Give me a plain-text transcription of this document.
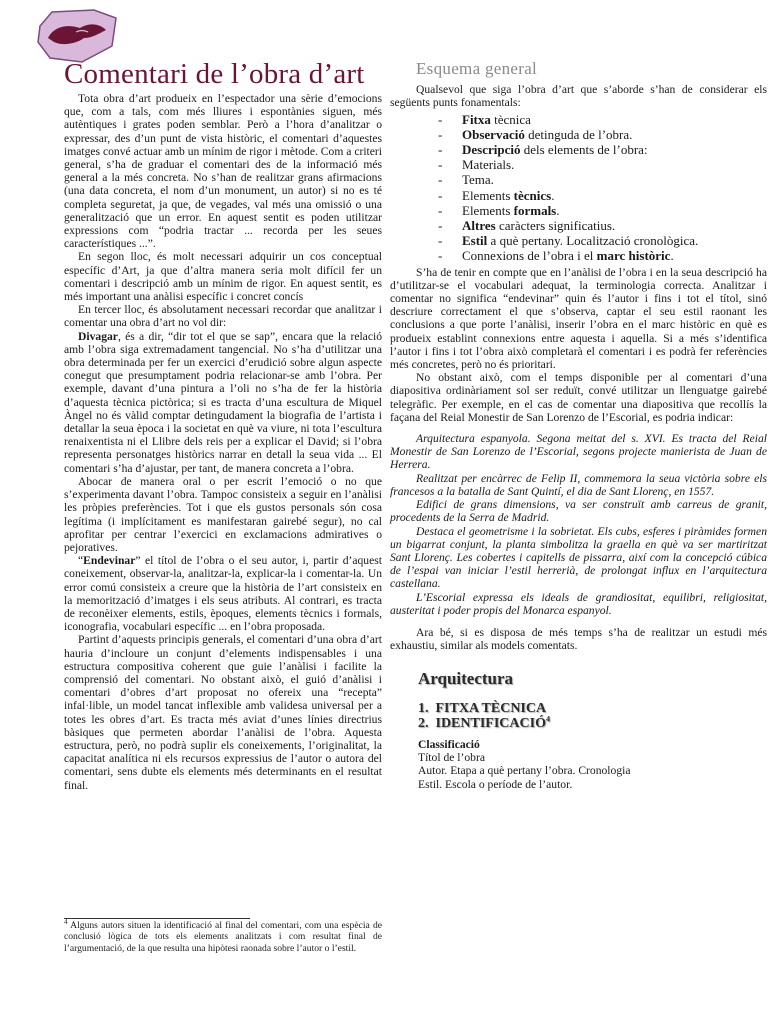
Comentari de l’obra d’art

Tota obra d’art produeix en l’espectador una sèrie d’emocions que, com a tals, com més lliures i espontànies siguen, més autèntiques i grates poden semblar. Però a l’hora d’analitzar o expressar, des d’un punt de vista històric, el comentari d’aquestes imatges convé actuar amb un mínim de rigor i mètode. Com a criteri general, s’ha de graduar el comentari des de la informació més general a la més concreta. No s’han de realitzar grans afirmacions (una data concreta, el nom d’un monument, un autor) si no es té completa seguretat, ja que, de vegades, val més una omissió o una generalització que un error. En aquest sentit es poden utilitzar expressions com “podria tractar ... recorda per les seues característiques ...”.

En segon lloc, és molt necessari adquirir un cos conceptual específic d’Art, ja que d’altra manera seria molt difícil fer un comentari i descripció amb un mínim de rigor. En aquest sentit, es més important una anàlisi específic i concret concís

En tercer lloc, és absolutament necessari recordar que analitzar i comentar una obra d’art no vol dir:

Divagar, és a dir, “dir tot el que se sap”, encara que la relació amb l’obra siga extremadament tangencial. No s’ha d’utilitzar una obra determinada per fer un exercici d’erudició sobre algun aspecte conegut que presumptament podria relacionar-se amb l’obra. Per exemple, davant d’una pintura a l’oli no s’ha de fer la història d’aquesta tècnica pictòrica; si es tracta d’una escultura de Miquel Àngel no és vàlid comptar detingudament la biografia de l’artista i detallar la seua època i la societat en què va viure, ni tota l’escultura renaixentista ni el Llibre dels reis per a explicar el David; si l’obra representa personatges històrics narrar en detall la seua vida ... El comentari s’ha d’ajustar, per tant, de manera concreta a l’obra.

Abocar de manera oral o per escrit l’emoció o no que s’experimenta davant l’obra. Tampoc consisteix a seguir en l’anàlisi les pròpies preferències. Tot i que els gustos personals són cosa legítima (i implícitament es manifestaran gairebé segur), no cal aprofitar per centrar l’exercici en exclamacions admiratives o pejoratives.

“Endevinar” el títol de l’obra o el seu autor, i, partir d’aquest coneixement, observar-la, analitzar-la, explicar-la i comentar-la. Un error comú consisteix a creure que la història de l’art consisteix en la memorització d’imatges i els seus atributs. Al contrari, es tracta de reconèixer elements, estils, èpoques, elements tècnics i formals, iconografia, vocabulari específic ... en l’obra proposada.

Partint d’aquests principis generals, el comentari d’una obra d’art hauria d’incloure un conjunt d’elements indispensables i una estructura compositiva coherent que guie l’anàlisi i facilite la comprensió del comentari. No obstant això, el guió d’anàlisi i comentari d’obres d’art proposat no ofereix una “recepta” infal·lible, un model tancat inflexible amb validesa universal per a totes les obres d’art. Es tracta més aviat d’unes línies directrius bàsiques que permeten abordar l’anàlisi de l’obra. Aquesta estructura, però, no podrà suplir els coneixements, l’originalitat, la capacitat analítica ni els recursos expressius de l’autor o autora del comentari, sens dubte els elements més determinants en el resultat final.

$^4$ Alguns autors situen la identificació al final del comentari, com una espècia de conclusió lògica de tots els elements analitzats i com resultat final de l’argumentació, de la que resulta una hipòtesi raonada sobre l’autor o l’estil.
Esquema general

Qualsevol que siga l’obra d’art que s’aborde s’han de considerar els següents punts fonamentals:

- Fitxa tècnica
- Observació detinguda de l’obra.
- Descripció dels elements de l’obra:
- Materials.
- Tema.
- Elements tècnics.
- Elements formals.
- Altres caràcters significatius.
- Estil a què pertany. Localització cronològica.
- Connexions de l’obra i el marc històric.

S’ha de tenir en compte que en l’anàlisi de l’obra i en la seua descripció ha d’utilitzar-se el vocabulari adequat, la terminologia correcta. Analitzar i comentar no significa “endevinar” quin és l’autor i fins i tot el títol, sinó descriure correctament el que s’observa, captar el seu estil raonant les conclusions a que porte l’anàlisi, inserir l’obra en el marc històric en què es produeix establint connexions entre aquesta i aquella. Si a més s’identifica l’autor i fins i tot l’obra això completarà el comentari i es podrà fer referències més concretes, però no és prioritari.

No obstant això, com el temps disponible per al comentari d’una diapositiva ordinàriament sol ser reduït, convé utilitzar un llenguatge gairebé telegràfic. Per exemple, en el cas de comentar una diapositiva que recollís la façana del Reial Monestir de San Lorenzo de l’Escorial, es podria indicar:

Arquitectura espanyola. Segona meitat del s. XVI. Es tracta del Reial Monestir de San Lorenzo de l’Escorial, segons projecte manierista de Juan de Herrera.

Realitzat per encàrrec de Felip II, commemora la seua victòria sobre els francesos a la batalla de Sant Quintí, el dia de Sant Llorenç, en 1557.

Edifici de grans dimensions, va ser construït amb carreus de granit, procedents de la Serra de Madrid.

Destaca el geometrisme i la sobrietat. Els cubs, esferes i piràmides formen un bigarrat conjunt, la planta simbolitza la graella en què va ser martiritzat Sant Llorenç. Les cobertes i capitells de pissarra, així com la concepció cúbica de l’espai van iniciar l’estil herrerià, de prolongat influx en l’arquitectura castellana.

L’Escorial expressa els ideals de grandiositat, equilibri, religiositat, austeritat i poder propis del Monarca espanyol.

Ara bé, si es disposa de més temps s’ha de realitzar un estudi més exhaustiu, similar als models comentats.

Arquitectura
1. FITXA TÈCNICA
2. IDENTIFICACIÓ$^4$
Classificació
Títol de l’obra
Autor. Etapa a què pertany l’obra. Cronologia
Estil. Escola o període de l’autor.
